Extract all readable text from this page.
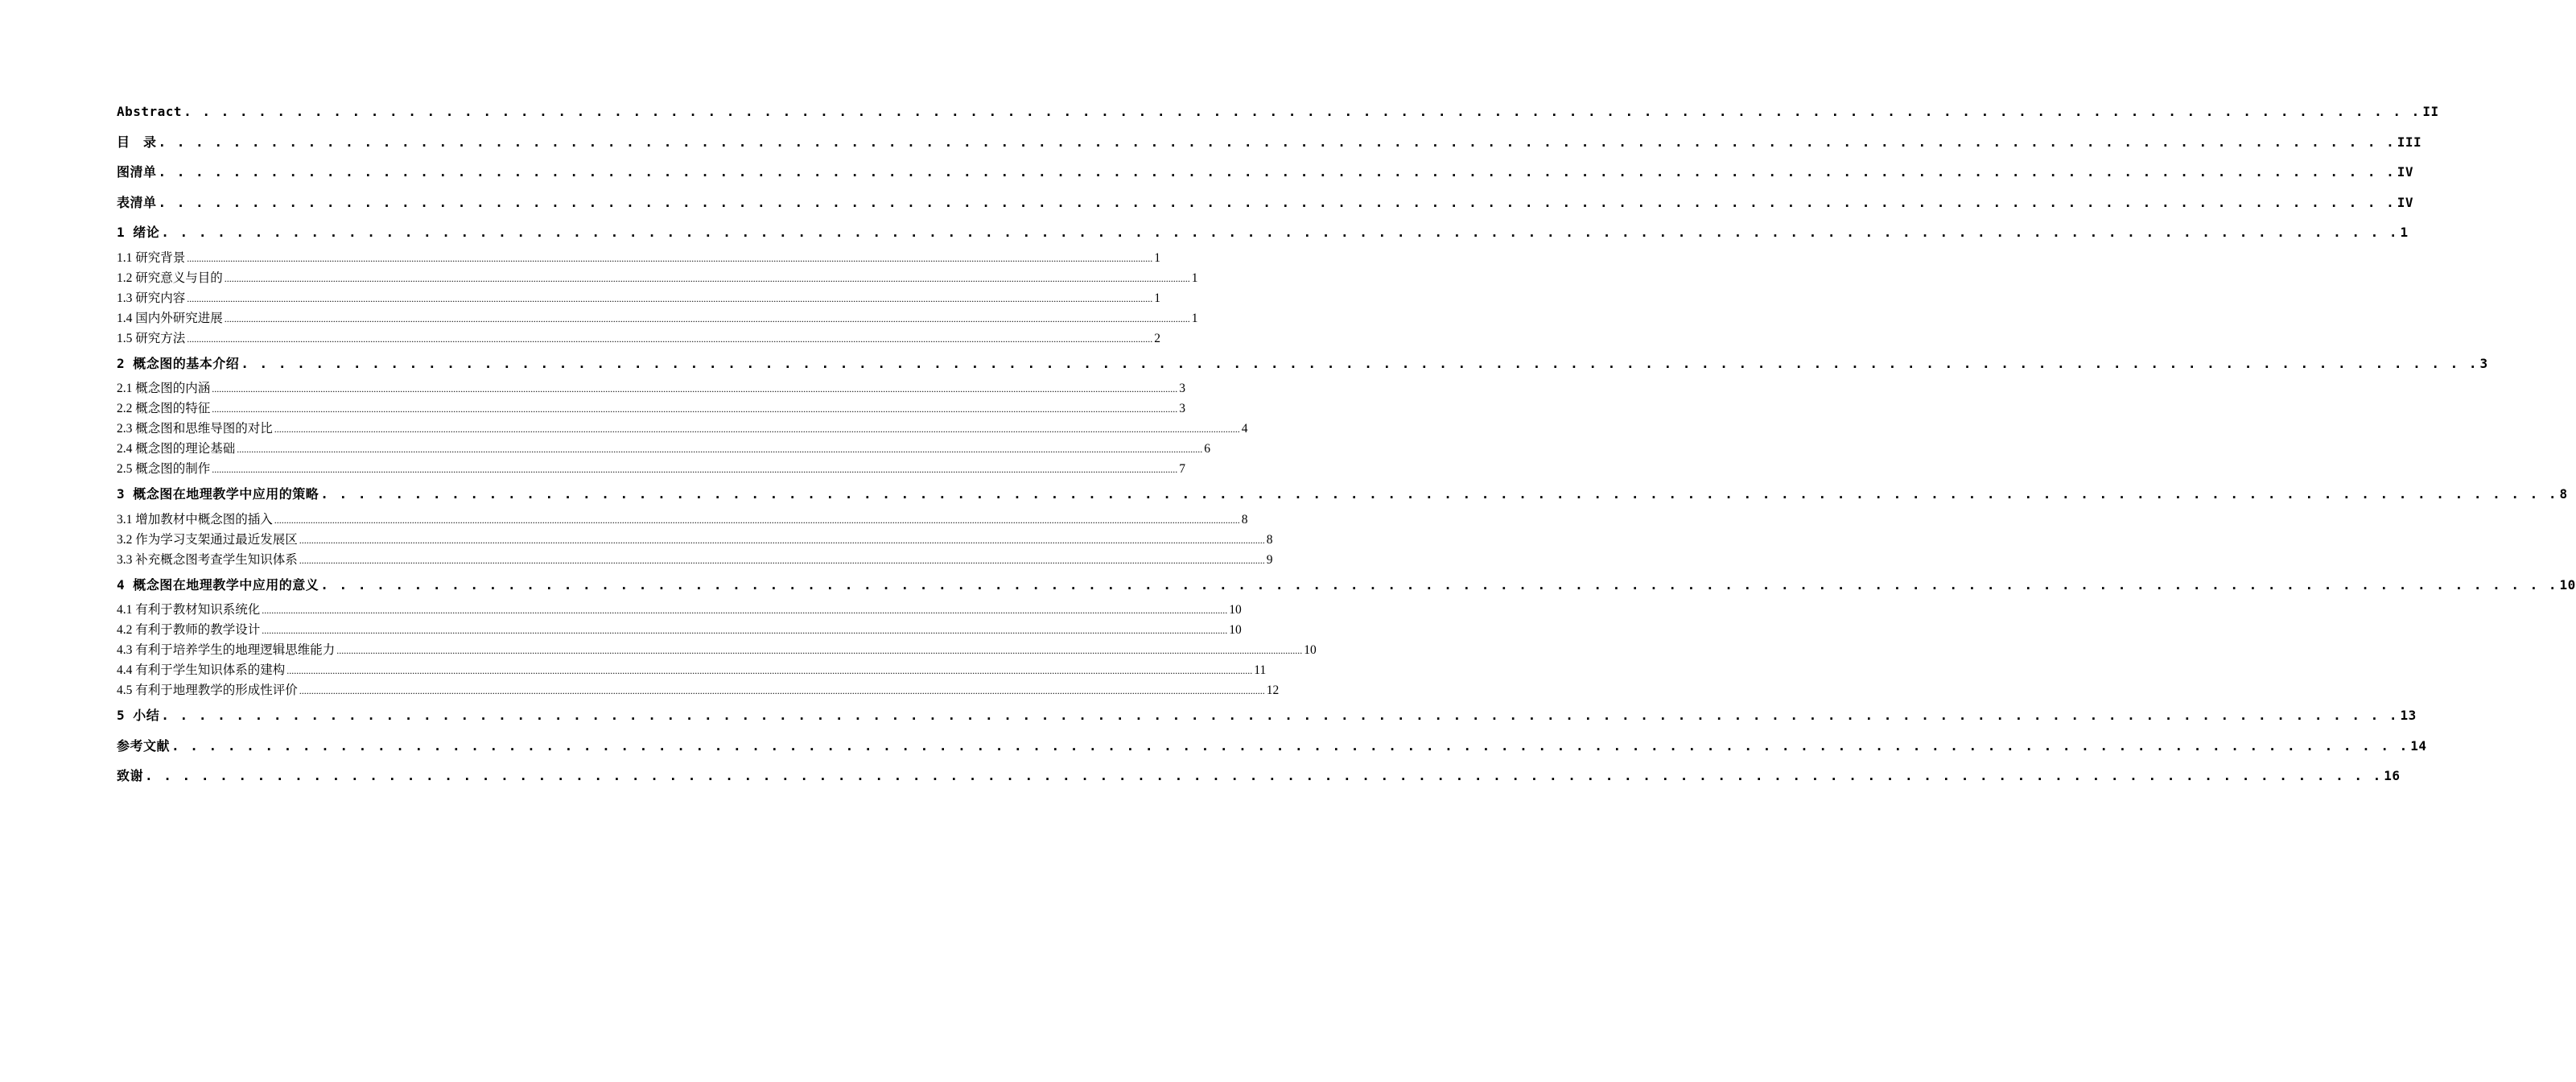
Abstract . . . . . . . . . . . . . . . . . . . . . . . . . . . . . . . . . . . . . . . . . . . . . . . . . . . . . . . . . . . . . . . . . . . . . . . . . . . . . . . . . . . . . . . . . . . . . . . . . . . . . . . . . . . . . . . . . . . . . . . . II
目　录 . . . . . . . . . . . . . . . . . . . . . . . . . . . . . . . . . . . . . . . . . . . . . . . . . . . . . . . . . . . . . . . . . . . . . . . . . . . . . . . . . . . . . . . . . . . . . . . . . . . . . . . . . . . . . . . . . . . . . . . . III
图清单 . . . . . . . . . . . . . . . . . . . . . . . . . . . . . . . . . . . . . . . . . . . . . . . . . . . . . . . . . . . . . . . . . . . . . . . . . . . . . . . . . . . . . . . . . . . . . . . . . . . . . . . . . . . . . . . . . . . . . . . . IV
表清单 . . . . . . . . . . . . . . . . . . . . . . . . . . . . . . . . . . . . . . . . . . . . . . . . . . . . . . . . . . . . . . . . . . . . . . . . . . . . . . . . . . . . . . . . . . . . . . . . . . . . . . . . . . . . . . . . . . . . . . . . IV
1 绪论 . . . . . . . . . . . . . . . . . . . . . . . . . . . . . . . . . . . . . . . . . . . . . . . . . . . . . . . . . . . . . . . . . . . . . . . . . . . . . . . . . . . . . . . . . . . . . . . . . . . . . . . . . . . . . . . . . . . . . . . . 1
1.1 研究背景 ................................................................................................................................................................................................................................................................................................................................................................................................................ 1
1.2 研究意义与目的 ................................................................................................................................................................................................................................................................................................................................................................................................................ 1
1.3 研究内容 ................................................................................................................................................................................................................................................................................................................................................................................................................ 1
1.4 国内外研究进展 ................................................................................................................................................................................................................................................................................................................................................................................................................ 1
1.5 研究方法 ................................................................................................................................................................................................................................................................................................................................................................................................................ 2
2 概念图的基本介绍 . . . . . . . . . . . . . . . . . . . . . . . . . . . . . . . . . . . . . . . . . . . . . . . . . . . . . . . . . . . . . . . . . . . . . . . . . . . . . . . . . . . . . . . . . . . . . . . . . . . . . . . . . . . . . . . . . . . . . . . . 3
2.1 概念图的内涵 ................................................................................................................................................................................................................................................................................................................................................................................................................ 3
2.2 概念图的特征 ................................................................................................................................................................................................................................................................................................................................................................................................................ 3
2.3 概念图和思维导图的对比 ................................................................................................................................................................................................................................................................................................................................................................................................................ 4
2.4 概念图的理论基础 ................................................................................................................................................................................................................................................................................................................................................................................................................ 6
2.5 概念图的制作 ................................................................................................................................................................................................................................................................................................................................................................................................................ 7
3 概念图在地理教学中应用的策略 . . . . . . . . . . . . . . . . . . . . . . . . . . . . . . . . . . . . . . . . . . . . . . . . . . . . . . . . . . . . . . . . . . . . . . . . . . . . . . . . . . . . . . . . . . . . . . . . . . . . . . . . . . . . . . . . . . . . . . . . 8
3.1 增加教材中概念图的插入 ................................................................................................................................................................................................................................................................................................................................................................................................................ 8
3.2 作为学习支架通过最近发展区 ................................................................................................................................................................................................................................................................................................................................................................................................................ 8
3.3 补充概念图考查学生知识体系 ................................................................................................................................................................................................................................................................................................................................................................................................................ 9
4 概念图在地理教学中应用的意义 . . . . . . . . . . . . . . . . . . . . . . . . . . . . . . . . . . . . . . . . . . . . . . . . . . . . . . . . . . . . . . . . . . . . . . . . . . . . . . . . . . . . . . . . . . . . . . . . . . . . . . . . . . . . . . . . . . . . . . . . 10
4.1 有利于教材知识系统化 ................................................................................................................................................................................................................................................................................................................................................................................................................ 10
4.2 有利于教师的教学设计 ................................................................................................................................................................................................................................................................................................................................................................................................................ 10
4.3 有利于培养学生的地理逻辑思维能力 ................................................................................................................................................................................................................................................................................................................................................................................................................ 10
4.4 有利于学生知识体系的建构 ................................................................................................................................................................................................................................................................................................................................................................................................................ 11
4.5 有利于地理教学的形成性评价 ................................................................................................................................................................................................................................................................................................................................................................................................................ 12
5 小结 . . . . . . . . . . . . . . . . . . . . . . . . . . . . . . . . . . . . . . . . . . . . . . . . . . . . . . . . . . . . . . . . . . . . . . . . . . . . . . . . . . . . . . . . . . . . . . . . . . . . . . . . . . . . . . . . . . . . . . . . 13
参考文献 . . . . . . . . . . . . . . . . . . . . . . . . . . . . . . . . . . . . . . . . . . . . . . . . . . . . . . . . . . . . . . . . . . . . . . . . . . . . . . . . . . . . . . . . . . . . . . . . . . . . . . . . . . . . . . . . . . . . . . . . 14
致谢 . . . . . . . . . . . . . . . . . . . . . . . . . . . . . . . . . . . . . . . . . . . . . . . . . . . . . . . . . . . . . . . . . . . . . . . . . . . . . . . . . . . . . . . . . . . . . . . . . . . . . . . . . . . . . . . . . . . . . . . . 16
